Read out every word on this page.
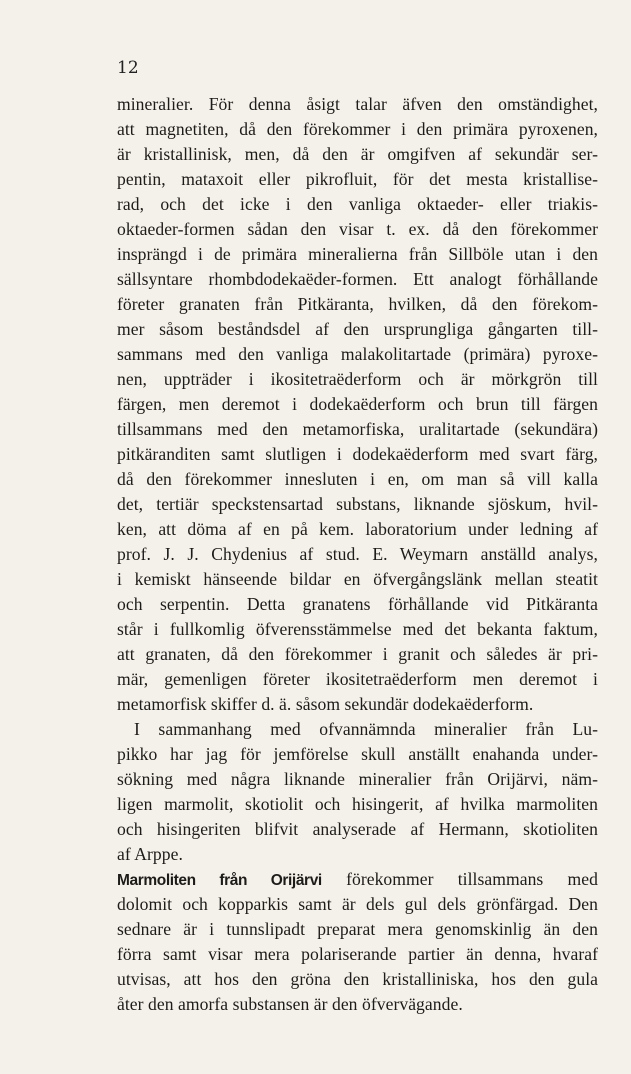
12
mineralier. För denna åsigt talar äfven den omständighet,
att magnetiten, då den förekommer i den primära pyroxenen,
är kristallinisk, men, då den är omgifven af sekundär ser-
pentin, mataxoit eller pikrofluit, för det mesta kristallise-
rad, och det icke i den vanliga oktaeder- eller triakis-
oktaeder-formen sådan den visar t. ex. då den förekommer
insprängd i de primära mineralierna från Sillböle utan i den
sällsyntare rhombdodekaëder-formen. Ett analogt förhållande
företer granaten från Pitkäranta, hvilken, då den förekom-
mer såsom beståndsdel af den ursprungliga gångarten till-
sammans med den vanliga malakolitartade (primära) pyroxe-
nen, uppträder i ikositetraëderform och är mörkgrön till
färgen, men deremot i dodekaëderform och brun till färgen
tillsammans med den metamorfiska, uralitartade (sekundära)
pitkäranditen samt slutligen i dodekaëderform med svart färg,
då den förekommer innesluten i en, om man så vill kalla
det, tertiär speckstensartad substans, liknande sjöskum, hvil-
ken, att döma af en på kem. laboratorium under ledning af
prof. J. J. Chydenius af stud. E. Weymarn anställd analys,
i kemiskt hänseende bildar en öfvergångslänk mellan steatit
och serpentin. Detta granatens förhållande vid Pitkäranta
står i fullkomlig öfverensstämmelse med det bekanta faktum,
att granaten, då den förekommer i granit och således är pri-
mär, gemenligen företer ikositetraëderform men deremot i
metamorfisk skiffer d. ä. såsom sekundär dodekaëderform.
I sammanhang med ofvannämnda mineralier från Lu-
pikko har jag för jemförelse skull anställt enahanda under-
sökning med några liknande mineralier från Orijärvi, näm-
ligen marmolit, skotiolit och hisingerit, af hvilka marmoliten
och hisingeriten blifvit analyserade af Hermann, skotioliten
af Arppe.
Marmoliten från Orijärvi förekommer tillsammans med
dolomit och kopparkis samt är dels gul dels grönfärgad. Den
sednare är i tunnslipadt preparat mera genomskinlig än den
förra samt visar mera polariserande partier än denna, hvaraf
utvisas, att hos den gröna den kristalliniska, hos den gula
åter den amorfa substansen är den öfvervägande.
